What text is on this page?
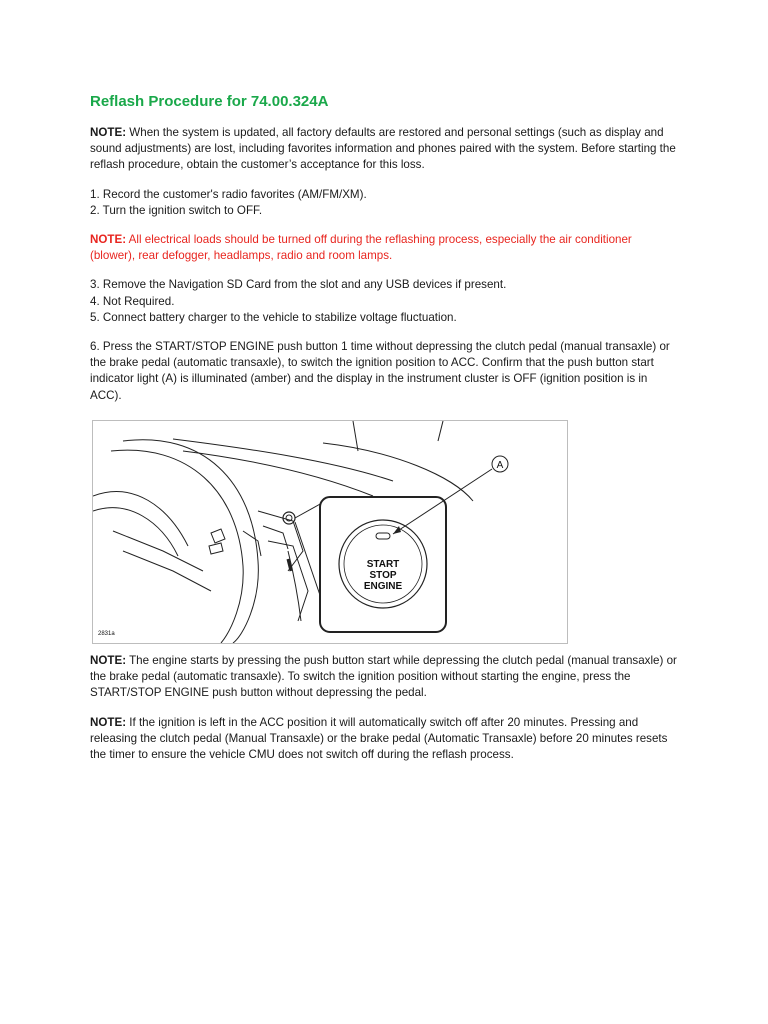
Reflash Procedure for 74.00.324A

NOTE: When the system is updated, all factory defaults are restored and personal settings (such as display and sound adjustments) are lost, including favorites information and phones paired with the system. Before starting the reflash procedure, obtain the customer’s acceptance for this loss.

1. Record the customer's radio favorites (AM/FM/XM).

2. Turn the ignition switch to OFF.

NOTE: All electrical loads should be turned off during the reflashing process, especially the air conditioner (blower), rear defogger, headlamps, radio and room lamps.

3. Remove the Navigation SD Card from the slot and any USB devices if present.

4. Not Required.

5. Connect battery charger to the vehicle to stabilize voltage fluctuation.

6. Press the START/STOP ENGINE push button 1 time without depressing the clutch pedal (manual transaxle) or the brake pedal (automatic transaxle), to switch the ignition position to ACC. Confirm that the push button start indicator light (A) is illuminated (amber) and the display in the instrument cluster is OFF (ignition position is in ACC).

START
STOP
ENGINE
A
2831a

NOTE: The engine starts by pressing the push button start while depressing the clutch pedal (manual transaxle) or the brake pedal (automatic transaxle). To switch the ignition position without starting the engine, press the START/STOP ENGINE push button without depressing the pedal.

NOTE: If the ignition is left in the ACC position it will automatically switch off after 20 minutes. Pressing and releasing the clutch pedal (Manual Transaxle) or the brake pedal (Automatic Transaxle) before 20 minutes resets the timer to ensure the vehicle CMU does not switch off during the reflash process.
